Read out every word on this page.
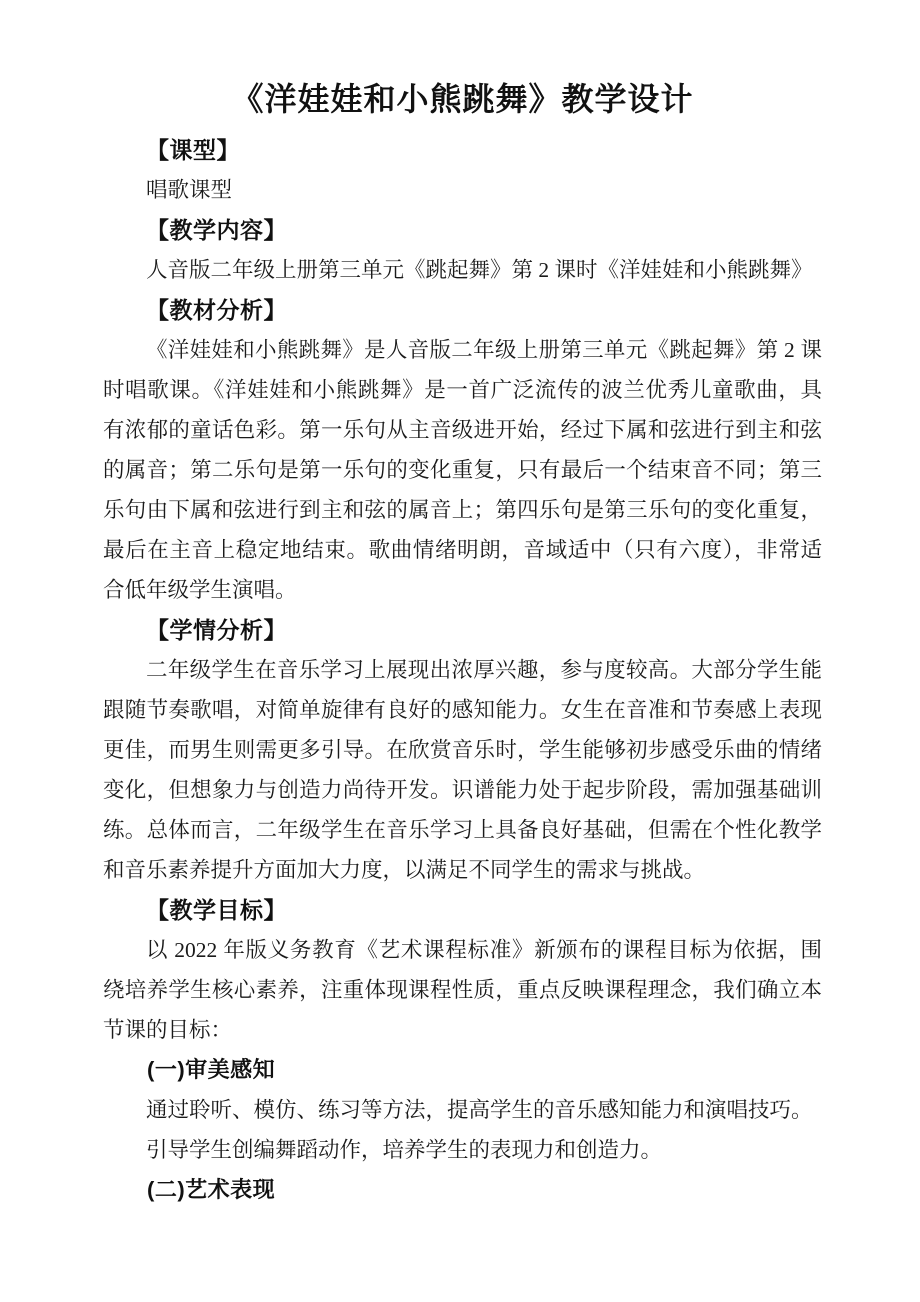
《洋娃娃和小熊跳舞》教学设计
【课型】

唱歌课型

【教学内容】

人音版二年级上册第三单元《跳起舞》第 2 课时《洋娃娃和小熊跳舞》

【教材分析】

《洋娃娃和小熊跳舞》是人音版二年级上册第三单元《跳起舞》第 2 课时唱歌课。《洋娃娃和小熊跳舞》是一首广泛流传的波兰优秀儿童歌曲，具有浓郁的童话色彩。第一乐句从主音级进开始，经过下属和弦进行到主和弦的属音；第二乐句是第一乐句的变化重复，只有最后一个结束音不同；第三乐句由下属和弦进行到主和弦的属音上；第四乐句是第三乐句的变化重复，最后在主音上稳定地结束。歌曲情绪明朗，音域适中（只有六度），非常适合低年级学生演唱。

【学情分析】

二年级学生在音乐学习上展现出浓厚兴趣，参与度较高。大部分学生能跟随节奏歌唱，对简单旋律有良好的感知能力。女生在音准和节奏感上表现更佳，而男生则需更多引导。在欣赏音乐时，学生能够初步感受乐曲的情绪变化，但想象力与创造力尚待开发。识谱能力处于起步阶段，需加强基础训练。总体而言，二年级学生在音乐学习上具备良好基础，但需在个性化教学和音乐素养提升方面加大力度，以满足不同学生的需求与挑战。

【教学目标】

以 2022 年版义务教育《艺术课程标准》新颁布的课程目标为依据，围绕培养学生核心素养，注重体现课程性质，重点反映课程理念，我们确立本节课的目标：

(一)审美感知

通过聆听、模仿、练习等方法，提高学生的音乐感知能力和演唱技巧。

引导学生创编舞蹈动作，培养学生的表现力和创造力。

(二)艺术表现
